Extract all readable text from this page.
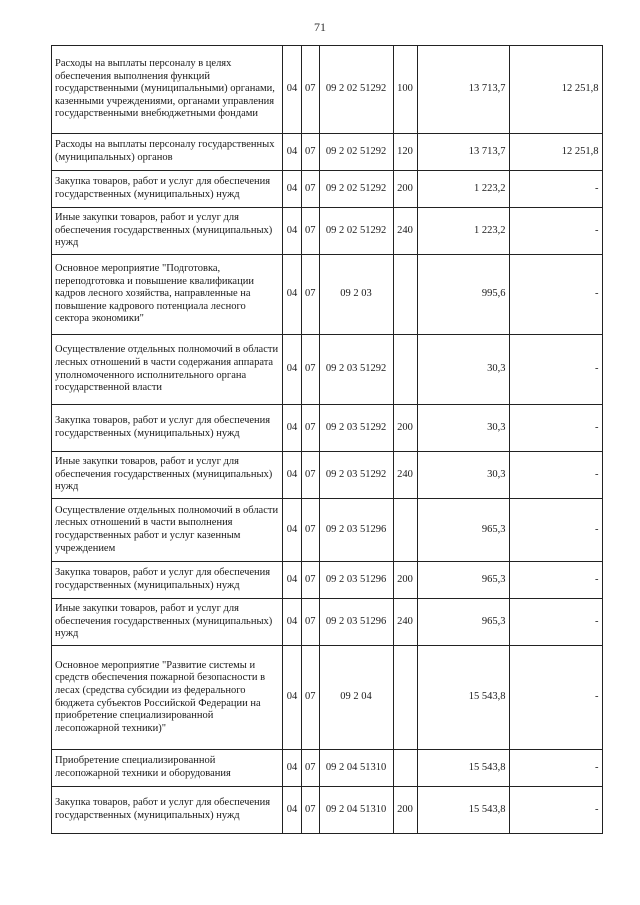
71
Расходы на выплаты персоналу в целях обеспечения выполнения функций государственными (муниципальными) органами, казенными учреждениями, органами управления государственными внебюджетными фондами	04	07	09 2 02 51292	100	13 713,7	12 251,8
Расходы на выплаты персоналу государственных (муниципальных) органов	04	07	09 2 02 51292	120	13 713,7	12 251,8
Закупка товаров, работ и услуг для обеспечения государственных (муниципальных) нужд	04	07	09 2 02 51292	200	1 223,2	-
Иные закупки товаров, работ и услуг для обеспечения государственных (муниципальных) нужд	04	07	09 2 02 51292	240	1 223,2	-
Основное мероприятие "Подготовка, переподготовка и повышение квалификации кадров лесного хозяйства, направленные на повышение кадрового потенциала лесного сектора экономики"	04	07	09 2 03		995,6	-
Осуществление отдельных полномочий в области лесных отношений в части содержания аппарата уполномоченного исполнительного органа государственной власти	04	07	09 2 03 51292		30,3	-
Закупка товаров, работ и услуг для обеспечения государственных (муниципальных) нужд	04	07	09 2 03 51292	200	30,3	-
Иные закупки товаров, работ и услуг для обеспечения государственных (муниципальных) нужд	04	07	09 2 03 51292	240	30,3	-
Осуществление отдельных полномочий в области лесных отношений в части выполнения государственных работ и услуг казенным учреждением	04	07	09 2 03 51296		965,3	-
Закупка товаров, работ и услуг для обеспечения государственных (муниципальных) нужд	04	07	09 2 03 51296	200	965,3	-
Иные закупки товаров, работ и услуг для обеспечения государственных (муниципальных) нужд	04	07	09 2 03 51296	240	965,3	-
Основное мероприятие "Развитие системы и средств обеспечения пожарной безопасности в лесах (средства субсидии из федерального бюджета субъектов Российской Федерации на приобретение специализированной лесопожарной техники)"	04	07	09 2 04		15 543,8	-
Приобретение специализированной лесопожарной техники и оборудования	04	07	09 2 04 51310		15 543,8	-
Закупка товаров, работ и услуг для обеспечения государственных (муниципальных) нужд	04	07	09 2 04 51310	200	15 543,8	-
